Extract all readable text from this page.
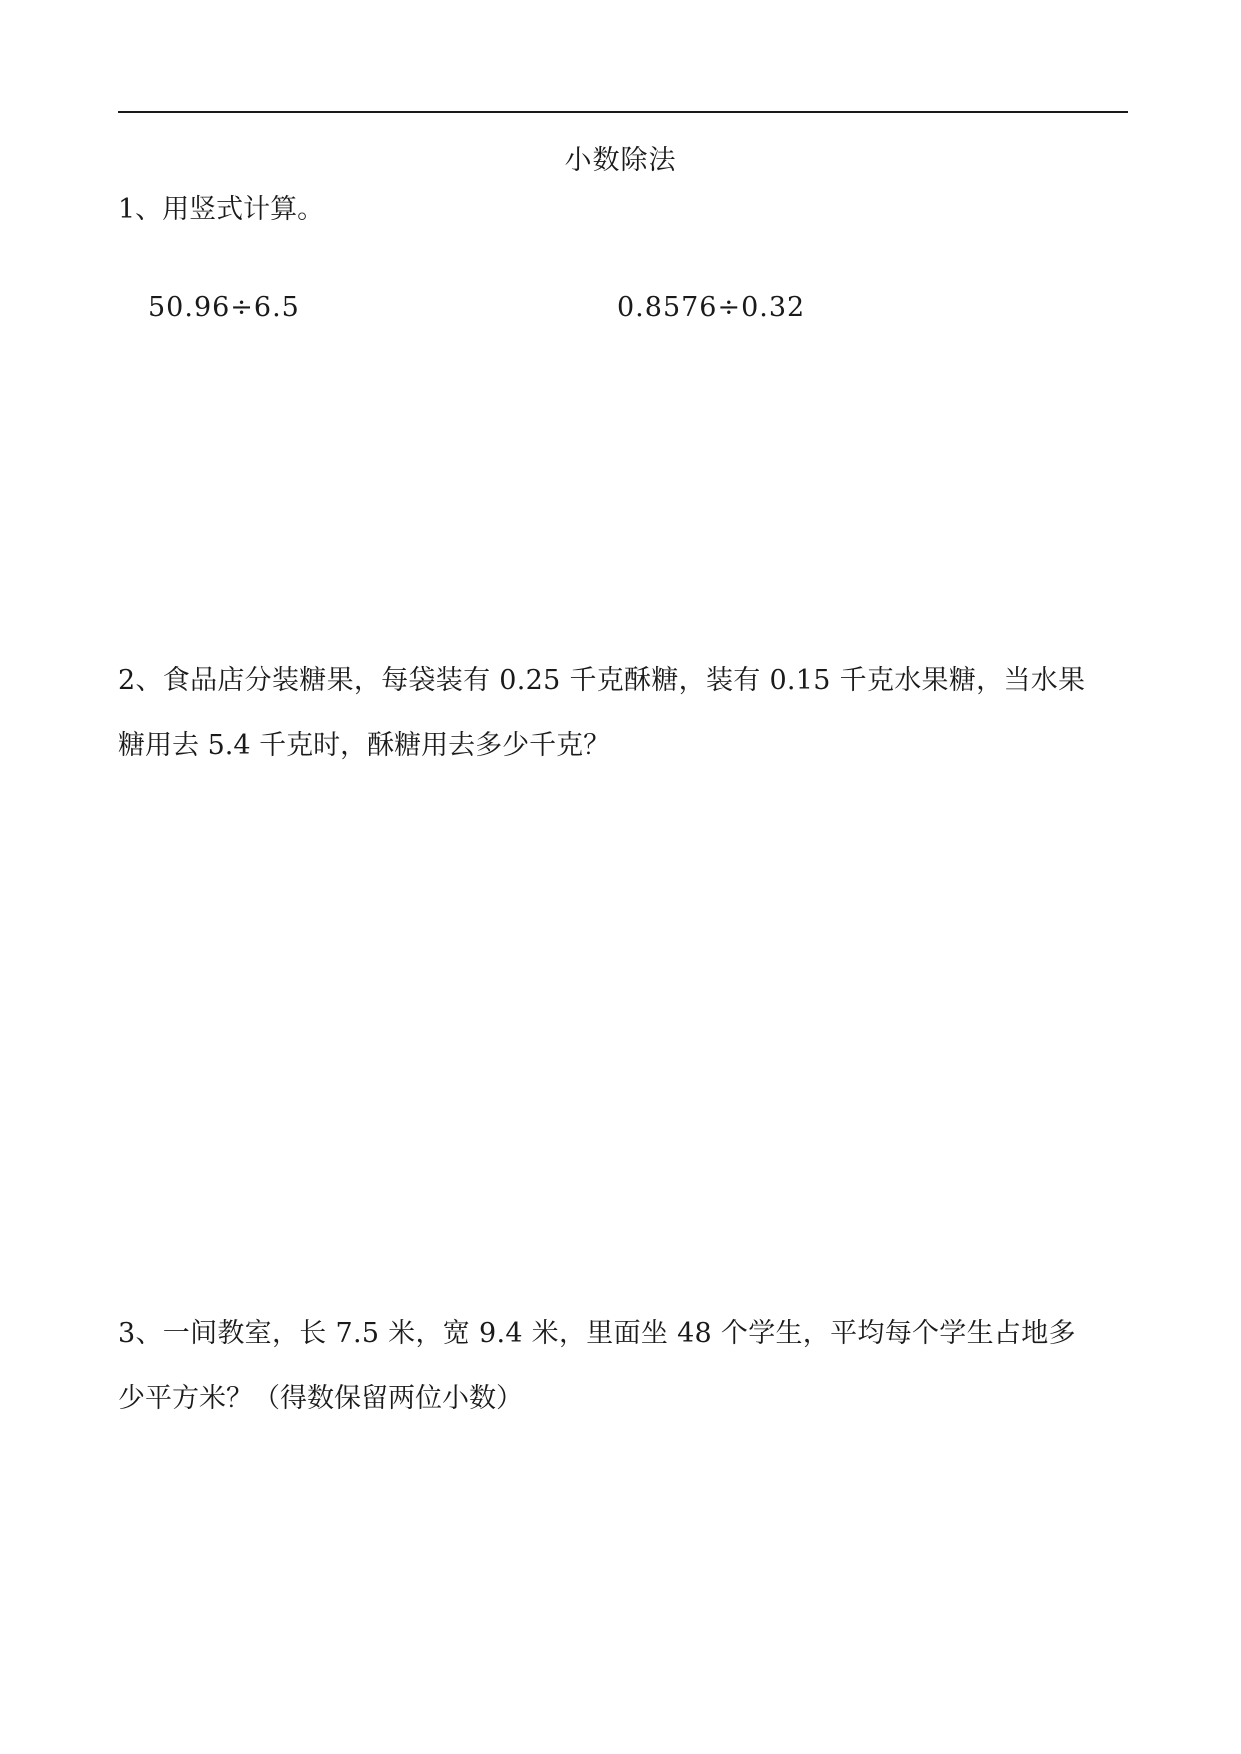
小数除法
1、用竖式计算。
50.96÷6.5	0.8576÷0.32
2、食品店分装糖果，每袋装有 0.25 千克酥糖，装有 0.15 千克水果糖，当水果
糖用去 5.4 千克时，酥糖用去多少千克？
3、一间教室，长 7.5 米，宽 9.4 米，里面坐 48 个学生，平均每个学生占地多
少平方米？（得数保留两位小数）
